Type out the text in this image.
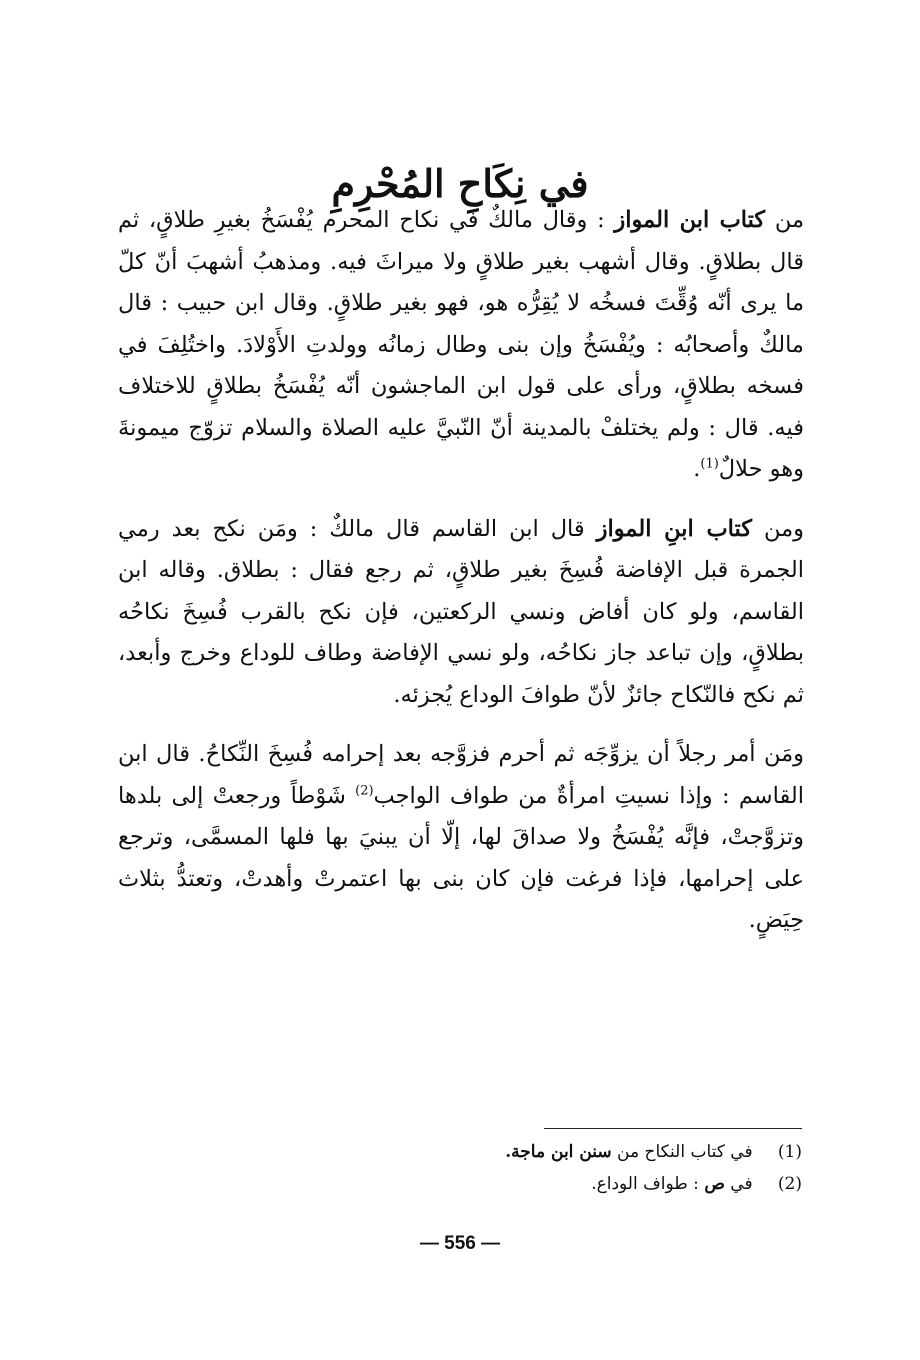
في نِكَاحِ المُحْرِمِ

من كتاب ابن المواز : وقال مالكٌ في نكاح المحرم يُفْسَخُ بغيرِ طلاقٍ، ثم قال بطلاقٍ. وقال أشهب بغير طلاقٍ ولا ميراثَ فيه. ومذهبُ أشهبَ أنّ كلّ ما يرى أنّه وُقِّتَ فسخُه لا يُقِرُّه هو، فهو بغير طلاقٍ. وقال ابن حبيب : قال مالكٌ وأصحابُه : ويُفْسَخُ وإن بنى وطال زمانُه وولدتِ الأَوْلادَ. واختُلِفَ في فسخه بطلاقٍ، ورأى على قول ابن الماجشون أنّه يُفْسَخُ بطلاقٍ للاختلاف فيه. قال : ولم يختلفْ بالمدينة أنّ النّبيَّ عليه الصلاة والسلام تزوّج ميمونةَ وهو حلالٌ$^{(1)}$.

ومن كتاب ابنِ المواز قال ابن القاسم قال مالكٌ : ومَن نكح بعد رمي الجمرة قبل الإفاضة فُسِخَ بغير طلاقٍ، ثم رجع فقال : بطلاق. وقاله ابن القاسم، ولو كان أفاض ونسي الركعتين، فإن نكح بالقرب فُسِخَ نكاحُه بطلاقٍ، وإن تباعد جاز نكاحُه، ولو نسي الإفاضة وطاف للوداع وخرج وأبعد، ثم نكح فالنّكاح جائزٌ لأنّ طوافَ الوداع يُجزئه.

ومَن أمر رجلاً أن يزوِّجَه ثم أحرم فزوَّجه بعد إحرامه فُسِخَ النِّكاحُ. قال ابن القاسم : وإذا نسيتِ امرأةٌ من طواف الواجب$^{(2)}$ شَوْطاً ورجعتْ إلى بلدها وتزوَّجتْ، فإنَّه يُفْسَخُ ولا صداقَ لها، إلّا أن يبنيَ بها فلها المسمَّى، وترجع على إحرامها، فإذا فرغت فإن كان بنى بها اعتمرتْ وأهدتْ، وتعتدُّ بثلاث حِيَضٍ.

(1) في كتاب النكاح من سنن ابن ماجة.
(2) في ص : طواف الوداع.
— 556 —
